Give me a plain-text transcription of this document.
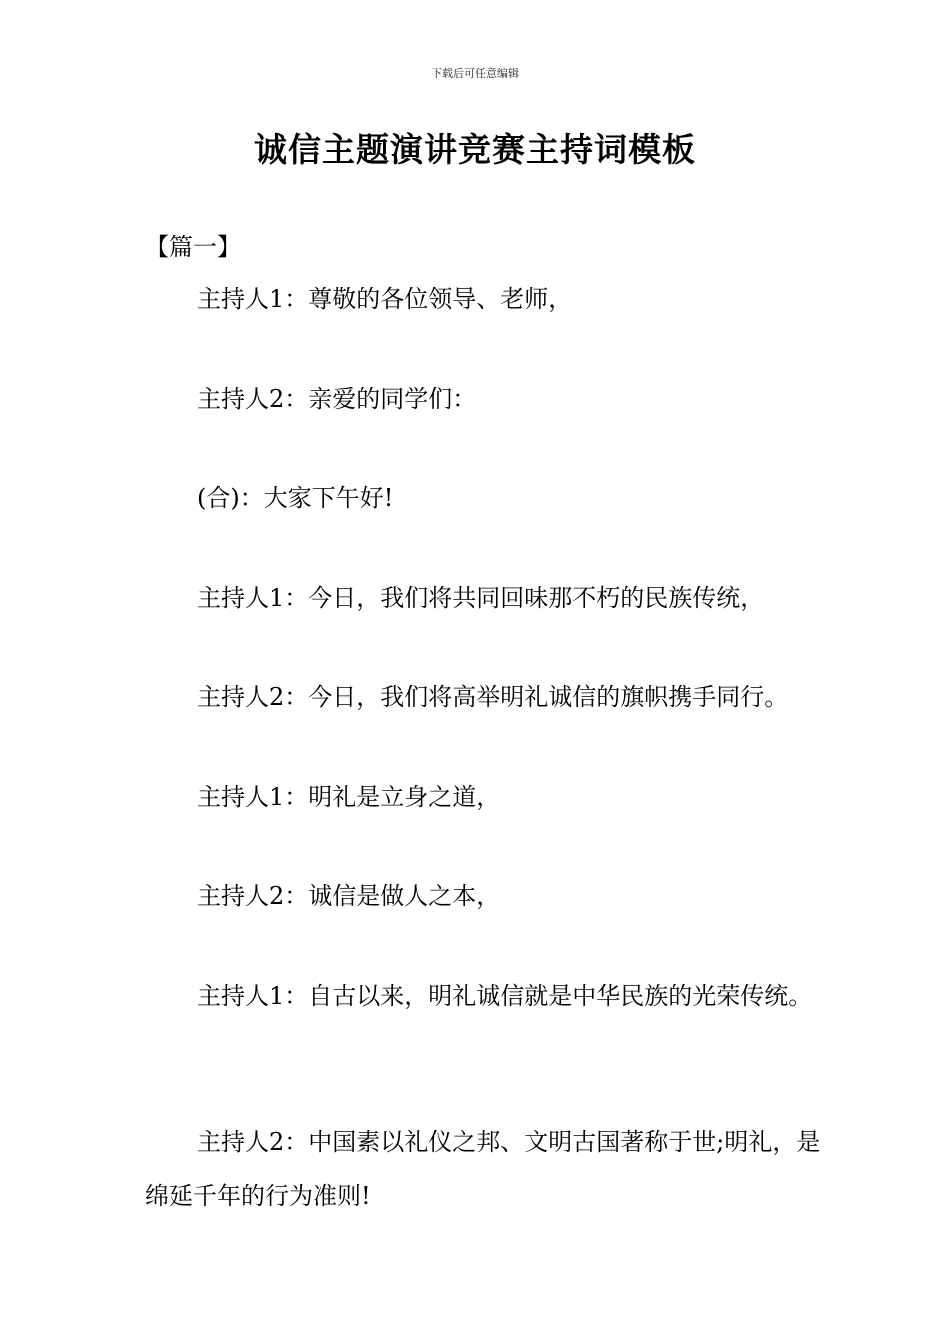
下载后可任意编辑
诚信主题演讲竞赛主持词模板
【篇一】

主持人1：尊敬的各位领导、老师，

主持人2：亲爱的同学们：

(合)：大家下午好!

主持人1：今日，我们将共同回味那不朽的民族传统，

主持人2：今日，我们将高举明礼诚信的旗帜携手同行。

主持人1：明礼是立身之道，

主持人2：诚信是做人之本，

主持人1：自古以来，明礼诚信就是中华民族的光荣传统。

主持人2：中国素以礼仪之邦、文明古国著称于世;明礼，是绵延千年的行为准则!
